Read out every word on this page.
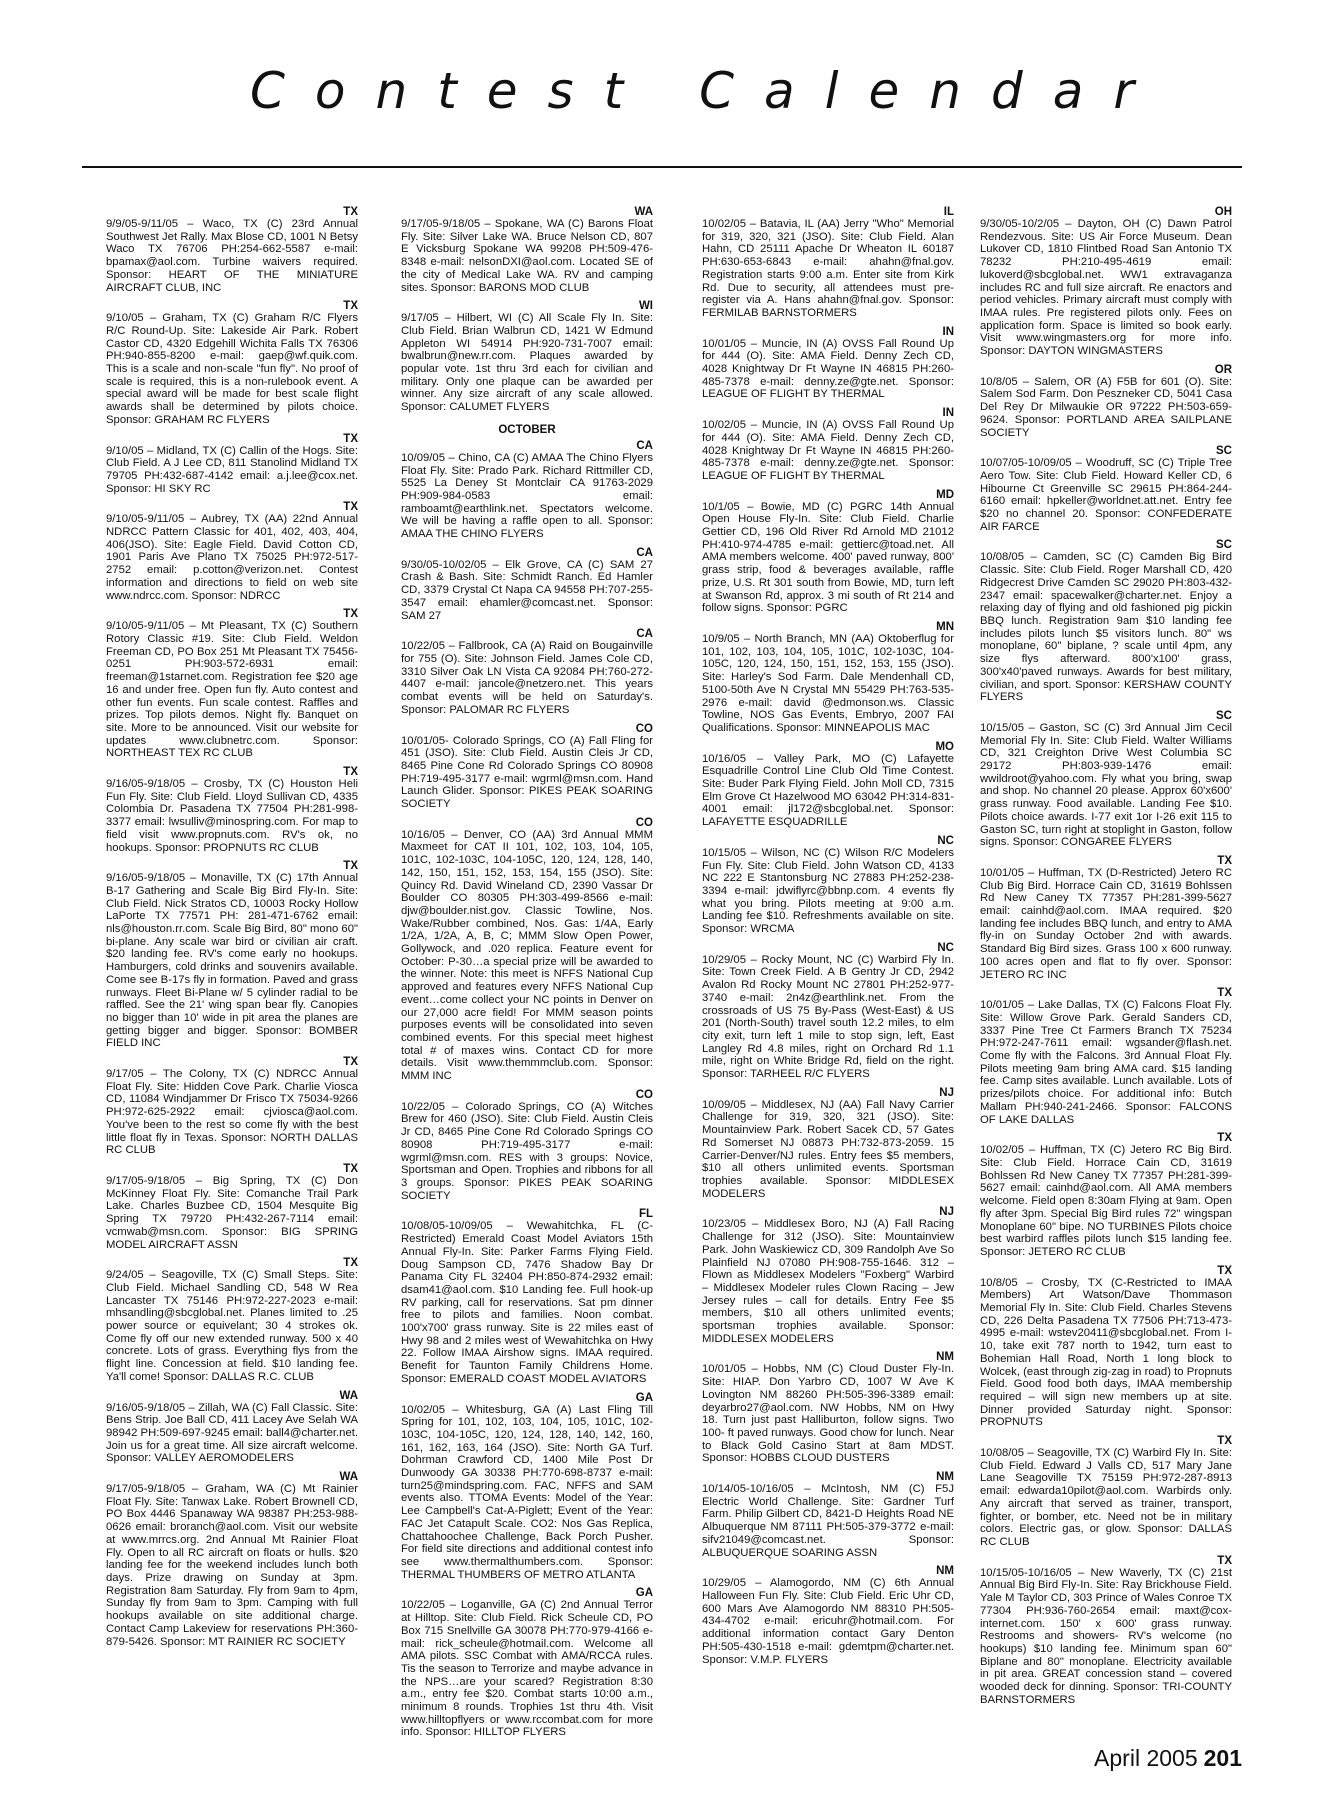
Contest Calendar
TX
9/9/05-9/11/05 – Waco, TX (C) 23rd Annual Southwest Jet Rally. Max Blose CD, 1001 N Betsy Waco TX 76706 PH:254-662-5587 e-mail: bpamax@aol.com. Turbine waivers required. Sponsor: HEART OF THE MINIATURE AIRCRAFT CLUB, INC
TX
9/10/05 – Graham, TX (C) Graham R/C Flyers R/C Round-Up. Site: Lakeside Air Park. Robert Castor CD, 4320 Edgehill Wichita Falls TX 76306 PH:940-855-8200 e-mail: gaep@wf.quik.com. This is a scale and non-scale "fun fly". No proof of scale is required, this is a non-rulebook event. A special award will be made for best scale flight awards shall be determined by pilots choice. Sponsor: GRAHAM RC FLYERS
TX
9/10/05 – Midland, TX (C) Callin of the Hogs. Site: Club Field. A J Lee CD, 811 Stanolind Midland TX 79705 PH:432-687-4142 email: a.j.lee@cox.net. Sponsor: HI SKY RC
TX
9/10/05-9/11/05 – Aubrey, TX (AA) 22nd Annual NDRCC Pattern Classic for 401, 402, 403, 404, 406(JSO). Site: Eagle Field. David Cotton CD, 1901 Paris Ave Plano TX 75025 PH:972-517-2752 email: p.cotton@verizon.net. Contest information and directions to field on web site www.ndrcc.com. Sponsor: NDRCC
TX
9/10/05-9/11/05 – Mt Pleasant, TX (C) Southern Rotory Classic #19. Site: Club Field. Weldon Freeman CD, PO Box 251 Mt Pleasant TX 75456-0251 PH:903-572-6931 email: freeman@1starnet.com. Registration fee $20 age 16 and under free. Open fun fly. Auto contest and other fun events. Fun scale contest. Raffles and prizes. Top pilots demos. Night fly. Banquet on site. More to be announced. Visit our website for updates www.clubnetrc.com. Sponsor: NORTHEAST TEX RC CLUB
TX
9/16/05-9/18/05 – Crosby, TX (C) Houston Heli Fun Fly. Site: Club Field. Lloyd Sullivan CD, 4335 Colombia Dr. Pasadena TX 77504 PH:281-998-3377 email: lwsulliv@minospring.com. For map to field visit www.propnuts.com. RV's ok, no hookups. Sponsor: PROPNUTS RC CLUB
TX
9/16/05-9/18/05 – Monaville, TX (C) 17th Annual B-17 Gathering and Scale Big Bird Fly-In. Site: Club Field. Nick Stratos CD, 10003 Rocky Hollow LaPorte TX 77571 PH: 281-471-6762 email: nls@houston.rr.com. Scale Big Bird, 80" mono 60" bi-plane. Any scale war bird or civilian air craft. $20 landing fee. RV's come early no hookups. Hamburgers, cold drinks and souvenirs available. Come see B-17s fly in formation. Paved and grass runways. Fleet Bi-Plane w/ 5 cylinder radial to be raffled. See the 21' wing span bear fly. Canopies no bigger than 10' wide in pit area the planes are getting bigger and bigger. Sponsor: BOMBER FIELD INC
TX
9/17/05 – The Colony, TX (C) NDRCC Annual Float Fly. Site: Hidden Cove Park. Charlie Viosca CD, 11084 Windjammer Dr Frisco TX 75034-9266 PH:972-625-2922 email: cjviosca@aol.com. You've been to the rest so come fly with the best little float fly in Texas. Sponsor: NORTH DALLAS RC CLUB
TX
9/17/05-9/18/05 – Big Spring, TX (C) Don McKinney Float Fly. Site: Comanche Trail Park Lake. Charles Buzbee CD, 1504 Mesquite Big Spring TX 79720 PH:432-267-7114 email: vcmwab@msn.com. Sponsor: BIG SPRING MODEL AIRCRAFT ASSN
TX
9/24/05 – Seagoville, TX (C) Small Steps. Site: Club Field. Michael Sandling CD, 548 W Rea Lancaster TX 75146 PH:972-227-2023 e-mail: mhsandling@sbcglobal.net. Planes limited to .25 power source or equivelant; 30 4 strokes ok. Come fly off our new extended runway. 500 x 40 concrete. Lots of grass. Everything flys from the flight line. Concession at field. $10 landing fee. Ya'll come! Sponsor: DALLAS R.C. CLUB
WA
9/16/05-9/18/05 – Zillah, WA (C) Fall Classic. Site: Bens Strip. Joe Ball CD, 411 Lacey Ave Selah WA 98942 PH:509-697-9245 email: ball4@charter.net. Join us for a great time. All size aircraft welcome. Sponsor: VALLEY AEROMODELERS
WA
9/17/05-9/18/05 – Graham, WA (C) Mt Rainier Float Fly. Site: Tanwax Lake. Robert Brownell CD, PO Box 4446 Spanaway WA 98387 PH:253-988-0626 email: broranch@aol.com. Visit our website at www.mrrcs.org. 2nd Annual Mt Rainier Float Fly. Open to all RC aircraft on floats or hulls. $20 landing fee for the weekend includes lunch both days. Prize drawing on Sunday at 3pm. Registration 8am Saturday. Fly from 9am to 4pm, Sunday fly from 9am to 3pm. Camping with full hookups available on site additional charge. Contact Camp Lakeview for reservations PH:360-879-5426. Sponsor: MT RAINIER RC SOCIETY
WA
9/17/05-9/18/05 – Spokane, WA (C) Barons Float Fly. Site: Silver Lake WA. Bruce Nelson CD, 807 E Vicksburg Spokane WA 99208 PH:509-476-8348 e-mail: nelsonDXI@aol.com. Located SE of the city of Medical Lake WA. RV and camping sites. Sponsor: BARONS MOD CLUB
WI
9/17/05 – Hilbert, WI (C) All Scale Fly In. Site: Club Field. Brian Walbrun CD, 1421 W Edmund Appleton WI 54914 PH:920-731-7007 email: bwalbrun@new.rr.com. Plaques awarded by popular vote. 1st thru 3rd each for civilian and military. Only one plaque can be awarded per winner. Any size aircraft of any scale allowed. Sponsor: CALUMET FLYERS
OCTOBER
CA
10/09/05 – Chino, CA (C) AMAA The Chino Flyers Float Fly. Site: Prado Park. Richard Rittmiller CD, 5525 La Deney St Montclair CA 91763-2029 PH:909-984-0583 email: ramboamt@earthlink.net. Spectators welcome. We will be having a raffle open to all. Sponsor: AMAA THE CHINO FLYERS
CA
9/30/05-10/02/05 – Elk Grove, CA (C) SAM 27 Crash & Bash. Site: Schmidt Ranch. Ed Hamler CD, 3379 Crystal Ct Napa CA 94558 PH:707-255-3547 email: ehamler@comcast.net. Sponsor: SAM 27
CA
10/22/05 – Fallbrook, CA (A) Raid on Bougainville for 755 (O). Site: Johnson Field. James Cole CD, 3310 Silver Oak LN Vista CA 92084 PH:760-272-4407 e-mail: jancole@netzero.net. This years combat events will be held on Saturday's. Sponsor: PALOMAR RC FLYERS
CO
10/01/05- Colorado Springs, CO (A) Fall Fling for 451 (JSO). Site: Club Field. Austin Cleis Jr CD, 8465 Pine Cone Rd Colorado Springs CO 80908 PH:719-495-3177 e-mail: wgrml@msn.com. Hand Launch Glider. Sponsor: PIKES PEAK SOARING SOCIETY
CO
10/16/05 – Denver, CO (AA) 3rd Annual MMM Maxmeet for CAT II 101, 102, 103, 104, 105, 101C, 102-103C, 104-105C, 120, 124, 128, 140, 142, 150, 151, 152, 153, 154, 155 (JSO). Site: Quincy Rd. David Wineland CD, 2390 Vassar Dr Boulder CO 80305 PH:303-499-8566 e-mail: djw@boulder.nist.gov. Classic Towline, Nos. Wake/Rubber combined, Nos. Gas: 1/4A, Early 1/2A, 1/2A, A, B, C; MMM Slow Open Power, Gollywock, and .020 replica. Feature event for October: P-30…a special prize will be awarded to the winner. Note: this meet is NFFS National Cup approved and features every NFFS National Cup event…come collect your NC points in Denver on our 27,000 acre field! For MMM season points purposes events will be consolidated into seven combined events. For this special meet highest total # of maxes wins. Contact CD for more details. Visit www.themmmclub.com. Sponsor: MMM INC
CO
10/22/05 – Colorado Springs, CO (A) Witches Brew for 460 (JSO). Site: Club Field. Austin Cleis Jr CD, 8465 Pine Cone Rd Colorado Springs CO 80908 PH:719-495-3177 e-mail: wgrml@msn.com. RES with 3 groups: Novice, Sportsman and Open. Trophies and ribbons for all 3 groups. Sponsor: PIKES PEAK SOARING SOCIETY
FL
10/08/05-10/09/05 – Wewahitchka, FL (C-Restricted) Emerald Coast Model Aviators 15th Annual Fly-In. Site: Parker Farms Flying Field. Doug Sampson CD, 7476 Shadow Bay Dr Panama City FL 32404 PH:850-874-2932 email: dsam41@aol.com. $10 Landing fee. Full hook-up RV parking, call for reservations. Sat pm dinner free to pilots and families. Noon combat. 100'x700' grass runway. Site is 22 miles east of Hwy 98 and 2 miles west of Wewahitchka on Hwy 22. Follow IMAA Airshow signs. IMAA required. Benefit for Taunton Family Childrens Home. Sponsor: EMERALD COAST MODEL AVIATORS
GA
10/02/05 – Whitesburg, GA (A) Last Fling Till Spring for 101, 102, 103, 104, 105, 101C, 102-103C, 104-105C, 120, 124, 128, 140, 142, 160, 161, 162, 163, 164 (JSO). Site: North GA Turf. Dohrman Crawford CD, 1400 Mile Post Dr Dunwoody GA 30338 PH:770-698-8737 e-mail: turn25@mindspring.com. FAC, NFFS and SAM events also. TTOMA Events: Model of the Year: Lee Campbell's Cat-A-Piglett; Event of the Year: FAC Jet Catapult Scale. CO2: Nos Gas Replica, Chattahoochee Challenge, Back Porch Pusher. For field site directions and additional contest info see www.thermalthumbers.com. Sponsor: THERMAL THUMBERS OF METRO ATLANTA
GA
10/22/05 – Loganville, GA (C) 2nd Annual Terror at Hilltop. Site: Club Field. Rick Scheule CD, PO Box 715 Snellville GA 30078 PH:770-979-4166 e-mail: rick_scheule@hotmail.com. Welcome all AMA pilots. SSC Combat with AMA/RCCA rules. Tis the season to Terrorize and maybe advance in the NPS…are your scared? Registration 8:30 a.m., entry fee $20. Combat starts 10:00 a.m., minimum 8 rounds. Trophies 1st thru 4th. Visit www.hilltopflyers or www.rccombat.com for more info. Sponsor: HILLTOP FLYERS
IL
10/02/05 – Batavia, IL (AA) Jerry "Who" Memorial for 319, 320, 321 (JSO). Site: Club Field. Alan Hahn, CD 25111 Apache Dr Wheaton IL 60187 PH:630-653-6843 e-mail: ahahn@fnal.gov. Registration starts 9:00 a.m. Enter site from Kirk Rd. Due to security, all attendees must pre-register via A. Hans ahahn@fnal.gov. Sponsor: FERMILAB BARNSTORMERS
IN
10/01/05 – Muncie, IN (A) OVSS Fall Round Up for 444 (O). Site: AMA Field. Denny Zech CD, 4028 Knightway Dr Ft Wayne IN 46815 PH:260-485-7378 e-mail: denny.ze@gte.net. Sponsor: LEAGUE OF FLIGHT BY THERMAL
IN
10/02/05 – Muncie, IN (A) OVSS Fall Round Up for 444 (O). Site: AMA Field. Denny Zech CD, 4028 Knightway Dr Ft Wayne IN 46815 PH:260-485-7378 e-mail: denny.ze@gte.net. Sponsor: LEAGUE OF FLIGHT BY THERMAL
MD
10/1/05 – Bowie, MD (C) PGRC 14th Annual Open House Fly-In. Site: Club Field. Charlie Gettier CD, 196 Old River Rd Arnold MD 21012 PH:410-974-4785 e-mail: gettierc@toad.net. All AMA members welcome. 400' paved runway, 800' grass strip, food & beverages available, raffle prize, U.S. Rt 301 south from Bowie, MD, turn left at Swanson Rd, approx. 3 mi south of Rt 214 and follow signs. Sponsor: PGRC
MN
10/9/05 – North Branch, MN (AA) Oktoberflug for 101, 102, 103, 104, 105, 101C, 102-103C, 104-105C, 120, 124, 150, 151, 152, 153, 155 (JSO). Site: Harley's Sod Farm. Dale Mendenhall CD, 5100-50th Ave N Crystal MN 55429 PH:763-535-2976 e-mail: david @edmonson.ws. Classic Towline, NOS Gas Events, Embryo, 2007 FAI Qualifications. Sponsor: MINNEAPOLIS MAC
MO
10/16/05 – Valley Park, MO (C) Lafayette Esquadrille Control Line Club Old Time Contest. Site: Buder Park Flying Field. John Moll CD, 7315 Elm Grove Ct Hazelwood MO 63042 PH:314-831-4001 email: jl172@sbcglobal.net. Sponsor: LAFAYETTE ESQUADRILLE
NC
10/15/05 – Wilson, NC (C) Wilson R/C Modelers Fun Fly. Site: Club Field. John Watson CD, 4133 NC 222 E Stantonsburg NC 27883 PH:252-238-3394 e-mail: jdwiflyrc@bbnp.com. 4 events fly what you bring. Pilots meeting at 9:00 a.m. Landing fee $10. Refreshments available on site. Sponsor: WRCMA
NC
10/29/05 – Rocky Mount, NC (C) Warbird Fly In. Site: Town Creek Field. A B Gentry Jr CD, 2942 Avalon Rd Rocky Mount NC 27801 PH:252-977-3740 e-mail: 2n4z@earthlink.net. From the crossroads of US 75 By-Pass (West-East) & US 201 (North-South) travel south 12.2 miles, to elm city exit, turn left 1 mile to stop sign, left, East Langley Rd 4.8 miles, right on Orchard Rd 1.1 mile, right on White Bridge Rd, field on the right. Sponsor: TARHEEL R/C FLYERS
NJ
10/09/05 – Middlesex, NJ (AA) Fall Navy Carrier Challenge for 319, 320, 321 (JSO). Site: Mountainview Park. Robert Sacek CD, 57 Gates Rd Somerset NJ 08873 PH:732-873-2059. 15 Carrier-Denver/NJ rules. Entry fees $5 members, $10 all others unlimited events. Sportsman trophies available. Sponsor: MIDDLESEX MODELERS
NJ
10/23/05 – Middlesex Boro, NJ (A) Fall Racing Challenge for 312 (JSO). Site: Mountainview Park. John Waskiewicz CD, 309 Randolph Ave So Plainfield NJ 07080 PH:908-755-1646. 312 – Flown as Middlesex Modelers "Foxberg" Warbird – Middlesex Modeler rules Clown Racing – Jew Jersey rules – call for details. Entry Fee $5 members, $10 all others unlimited events; sportsman trophies available. Sponsor: MIDDLESEX MODELERS
NM
10/01/05 – Hobbs, NM (C) Cloud Duster Fly-In. Site: HIAP. Don Yarbro CD, 1007 W Ave K Lovington NM 88260 PH:505-396-3389 email: deyarbro27@aol.com. NW Hobbs, NM on Hwy 18. Turn just past Halliburton, follow signs. Two 100- ft paved runways. Good chow for lunch. Near to Black Gold Casino Start at 8am MDST. Sponsor: HOBBS CLOUD DUSTERS
NM
10/14/05-10/16/05 – McIntosh, NM (C) F5J Electric World Challenge. Site: Gardner Turf Farm. Philip Gilbert CD, 8421-D Heights Road NE Albuquerque NM 87111 PH:505-379-3772 e-mail: sifv21049@comcast.net. Sponsor: ALBUQUERQUE SOARING ASSN
NM
10/29/05 – Alamogordo, NM (C) 6th Annual Halloween Fun Fly. Site: Club Field. Eric Uhr CD, 600 Mars Ave Alamogordo NM 88310 PH:505-434-4702 e-mail: ericuhr@hotmail.com. For additional information contact Gary Denton PH:505-430-1518 e-mail: gdemtpm@charter.net. Sponsor: V.M.P. FLYERS
OH
9/30/05-10/2/05 – Dayton, OH (C) Dawn Patrol Rendezvous. Site: US Air Force Museum. Dean Lukover CD, 1810 Flintbed Road San Antonio TX 78232 PH:210-495-4619 email: lukoverd@sbcglobal.net. WW1 extravaganza includes RC and full size aircraft. Re enactors and period vehicles. Primary aircraft must comply with IMAA rules. Pre registered pilots only. Fees on application form. Space is limited so book early. Visit www.wingmasters.org for more info. Sponsor: DAYTON WINGMASTERS
OR
10/8/05 – Salem, OR (A) F5B for 601 (O). Site: Salem Sod Farm. Don Peszneker CD, 5041 Casa Del Rey Dr Milwaukie OR 97222 PH:503-659-9624. Sponsor: PORTLAND AREA SAILPLANE SOCIETY
SC
10/07/05-10/09/05 – Woodruff, SC (C) Triple Tree Aero Tow. Site: Club Field. Howard Keller CD, 6 Hibourne Ct Greenville SC 29615 PH:864-244-6160 email: hpkeller@worldnet.att.net. Entry fee $20 no channel 20. Sponsor: CONFEDERATE AIR FARCE
SC
10/08/05 – Camden, SC (C) Camden Big Bird Classic. Site: Club Field. Roger Marshall CD, 420 Ridgecrest Drive Camden SC 29020 PH:803-432-2347 email: spacewalker@charter.net. Enjoy a relaxing day of flying and old fashioned pig pickin BBQ lunch. Registration 9am $10 landing fee includes pilots lunch $5 visitors lunch. 80" ws monoplane, 60" biplane, ? scale until 4pm, any size flys afterward. 800'x100' grass, 300'x40'paved runways. Awards for best military, civilian, and sport. Sponsor: KERSHAW COUNTY FLYERS
SC
10/15/05 – Gaston, SC (C) 3rd Annual Jim Cecil Memorial Fly In. Site: Club Field. Walter Williams CD, 321 Creighton Drive West Columbia SC 29172 PH:803-939-1476 email: wwildroot@yahoo.com. Fly what you bring, swap and shop. No channel 20 please. Approx 60'x600' grass runway. Food available. Landing Fee $10. Pilots choice awards. I-77 exit 1or I-26 exit 115 to Gaston SC, turn right at stoplight in Gaston, follow signs. Sponsor: CONGAREE FLYERS
TX
10/01/05 – Huffman, TX (D-Restricted) Jetero RC Club Big Bird. Horrace Cain CD, 31619 Bohlssen Rd New Caney TX 77357 PH:281-399-5627 email: cainhd@aol.com. IMAA required. $20 landing fee includes BBQ lunch, and entry to AMA fly-in on Sunday October 2nd with awards. Standard Big Bird sizes. Grass 100 x 600 runway. 100 acres open and flat to fly over. Sponsor: JETERO RC INC
TX
10/01/05 – Lake Dallas, TX (C) Falcons Float Fly. Site: Willow Grove Park. Gerald Sanders CD, 3337 Pine Tree Ct Farmers Branch TX 75234 PH:972-247-7611 email: wgsander@flash.net. Come fly with the Falcons. 3rd Annual Float Fly. Pilots meeting 9am bring AMA card. $15 landing fee. Camp sites available. Lunch available. Lots of prizes/pilots choice. For additional info: Butch Mallam PH:940-241-2466. Sponsor: FALCONS OF LAKE DALLAS
TX
10/02/05 – Huffman, TX (C) Jetero RC Big Bird. Site: Club Field. Horrace Cain CD, 31619 Bohlssen Rd New Caney TX 77357 PH:281-399-5627 email: cainhd@aol.com. All AMA members welcome. Field open 8:30am Flying at 9am. Open fly after 3pm. Special Big Bird rules 72" wingspan Monoplane 60" bipe. NO TURBINES Pilots choice best warbird raffles pilots lunch $15 landing fee. Sponsor: JETERO RC CLUB
TX
10/8/05 – Crosby, TX (C-Restricted to IMAA Members) Art Watson/Dave Thommason Memorial Fly In. Site: Club Field. Charles Stevens CD, 226 Delta Pasadena TX 77506 PH:713-473-4995 e-mail: wstev20411@sbcglobal.net. From I-10, take exit 787 north to 1942, turn east to Bohemian Hall Road, North 1 long block to Wolcek, (east through zig-zag in road) to Propnuts Field. Good food both days, IMAA membership required – will sign new members up at site. Dinner provided Saturday night. Sponsor: PROPNUTS
TX
10/08/05 – Seagoville, TX (C) Warbird Fly In. Site: Club Field. Edward J Valls CD, 517 Mary Jane Lane Seagoville TX 75159 PH:972-287-8913 email: edwarda10pilot@aol.com. Warbirds only. Any aircraft that served as trainer, transport, fighter, or bomber, etc. Need not be in military colors. Electric gas, or glow. Sponsor: DALLAS RC CLUB
TX
10/15/05-10/16/05 – New Waverly, TX (C) 21st Annual Big Bird Fly-In. Site: Ray Brickhouse Field. Yale M Taylor CD, 303 Prince of Wales Conroe TX 77304 PH:936-760-2654 email: maxt@cox-internet.com. 150' x 600' grass runway. Restrooms and showers- RV's welcome (no hookups) $10 landing fee. Minimum span 60" Biplane and 80" monoplane. Electricity available in pit area. GREAT concession stand – covered wooded deck for dinning. Sponsor: TRI-COUNTY BARNSTORMERS
April 2005 201
